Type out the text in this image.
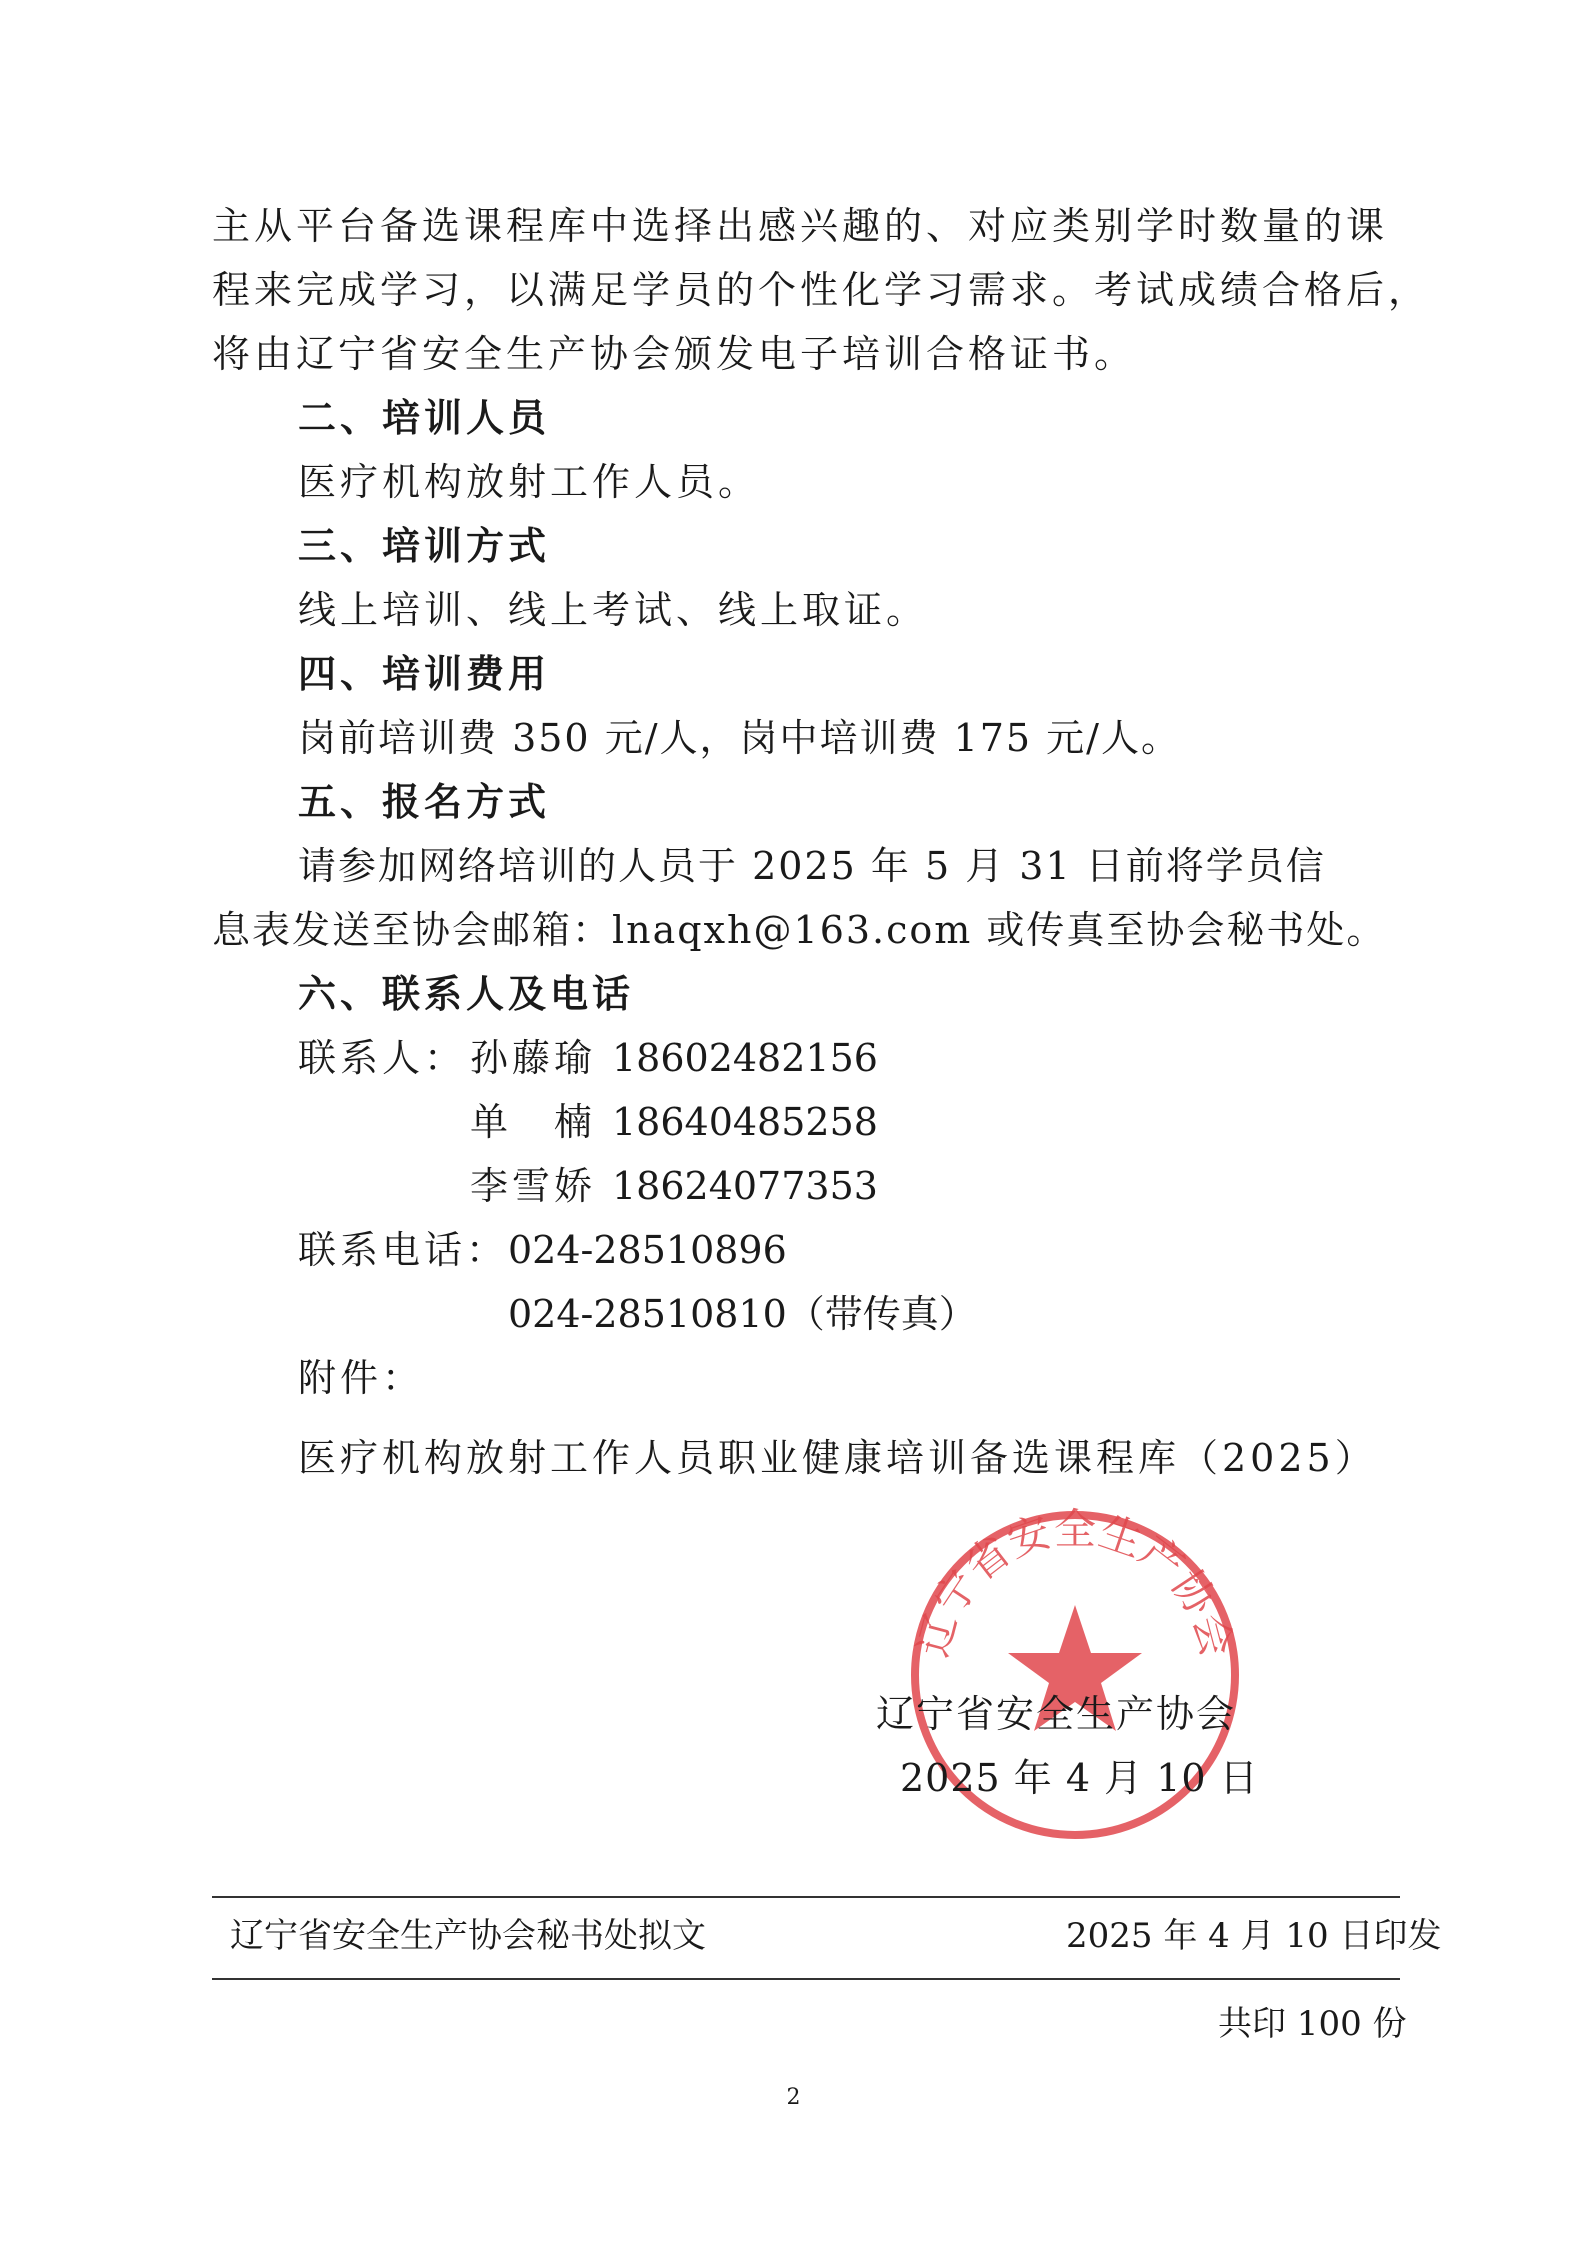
主从平台备选课程库中选择出感兴趣的、对应类别学时数量的课
程来完成学习，以满足学员的个性化学习需求。考试成绩合格后，
将由辽宁省安全生产协会颁发电子培训合格证书。
二、培训人员
医疗机构放射工作人员。
三、培训方式
线上培训、线上考试、线上取证。
四、培训费用
岗前培训费 350 元/人，岗中培训费 175 元/人。
五、报名方式
请参加网络培训的人员于 2025 年 5 月 31 日前将学员信
息表发送至协会邮箱：lnaqxh@163.com 或传真至协会秘书处。
六、联系人及电话
联系人： 孙藤瑜 18602482156
单　楠 18640485258
李雪娇 18624077353
联系电话： 024-28510896
024-28510810（带传真）
附件：
医疗机构放射工作人员职业健康培训备选课程库（2025）
辽宁省安全生产协会
辽宁省安全生产协会
2025 年 4 月 10 日
辽宁省安全生产协会秘书处拟文	2025 年 4 月 10 日印发
共印 100 份
2
